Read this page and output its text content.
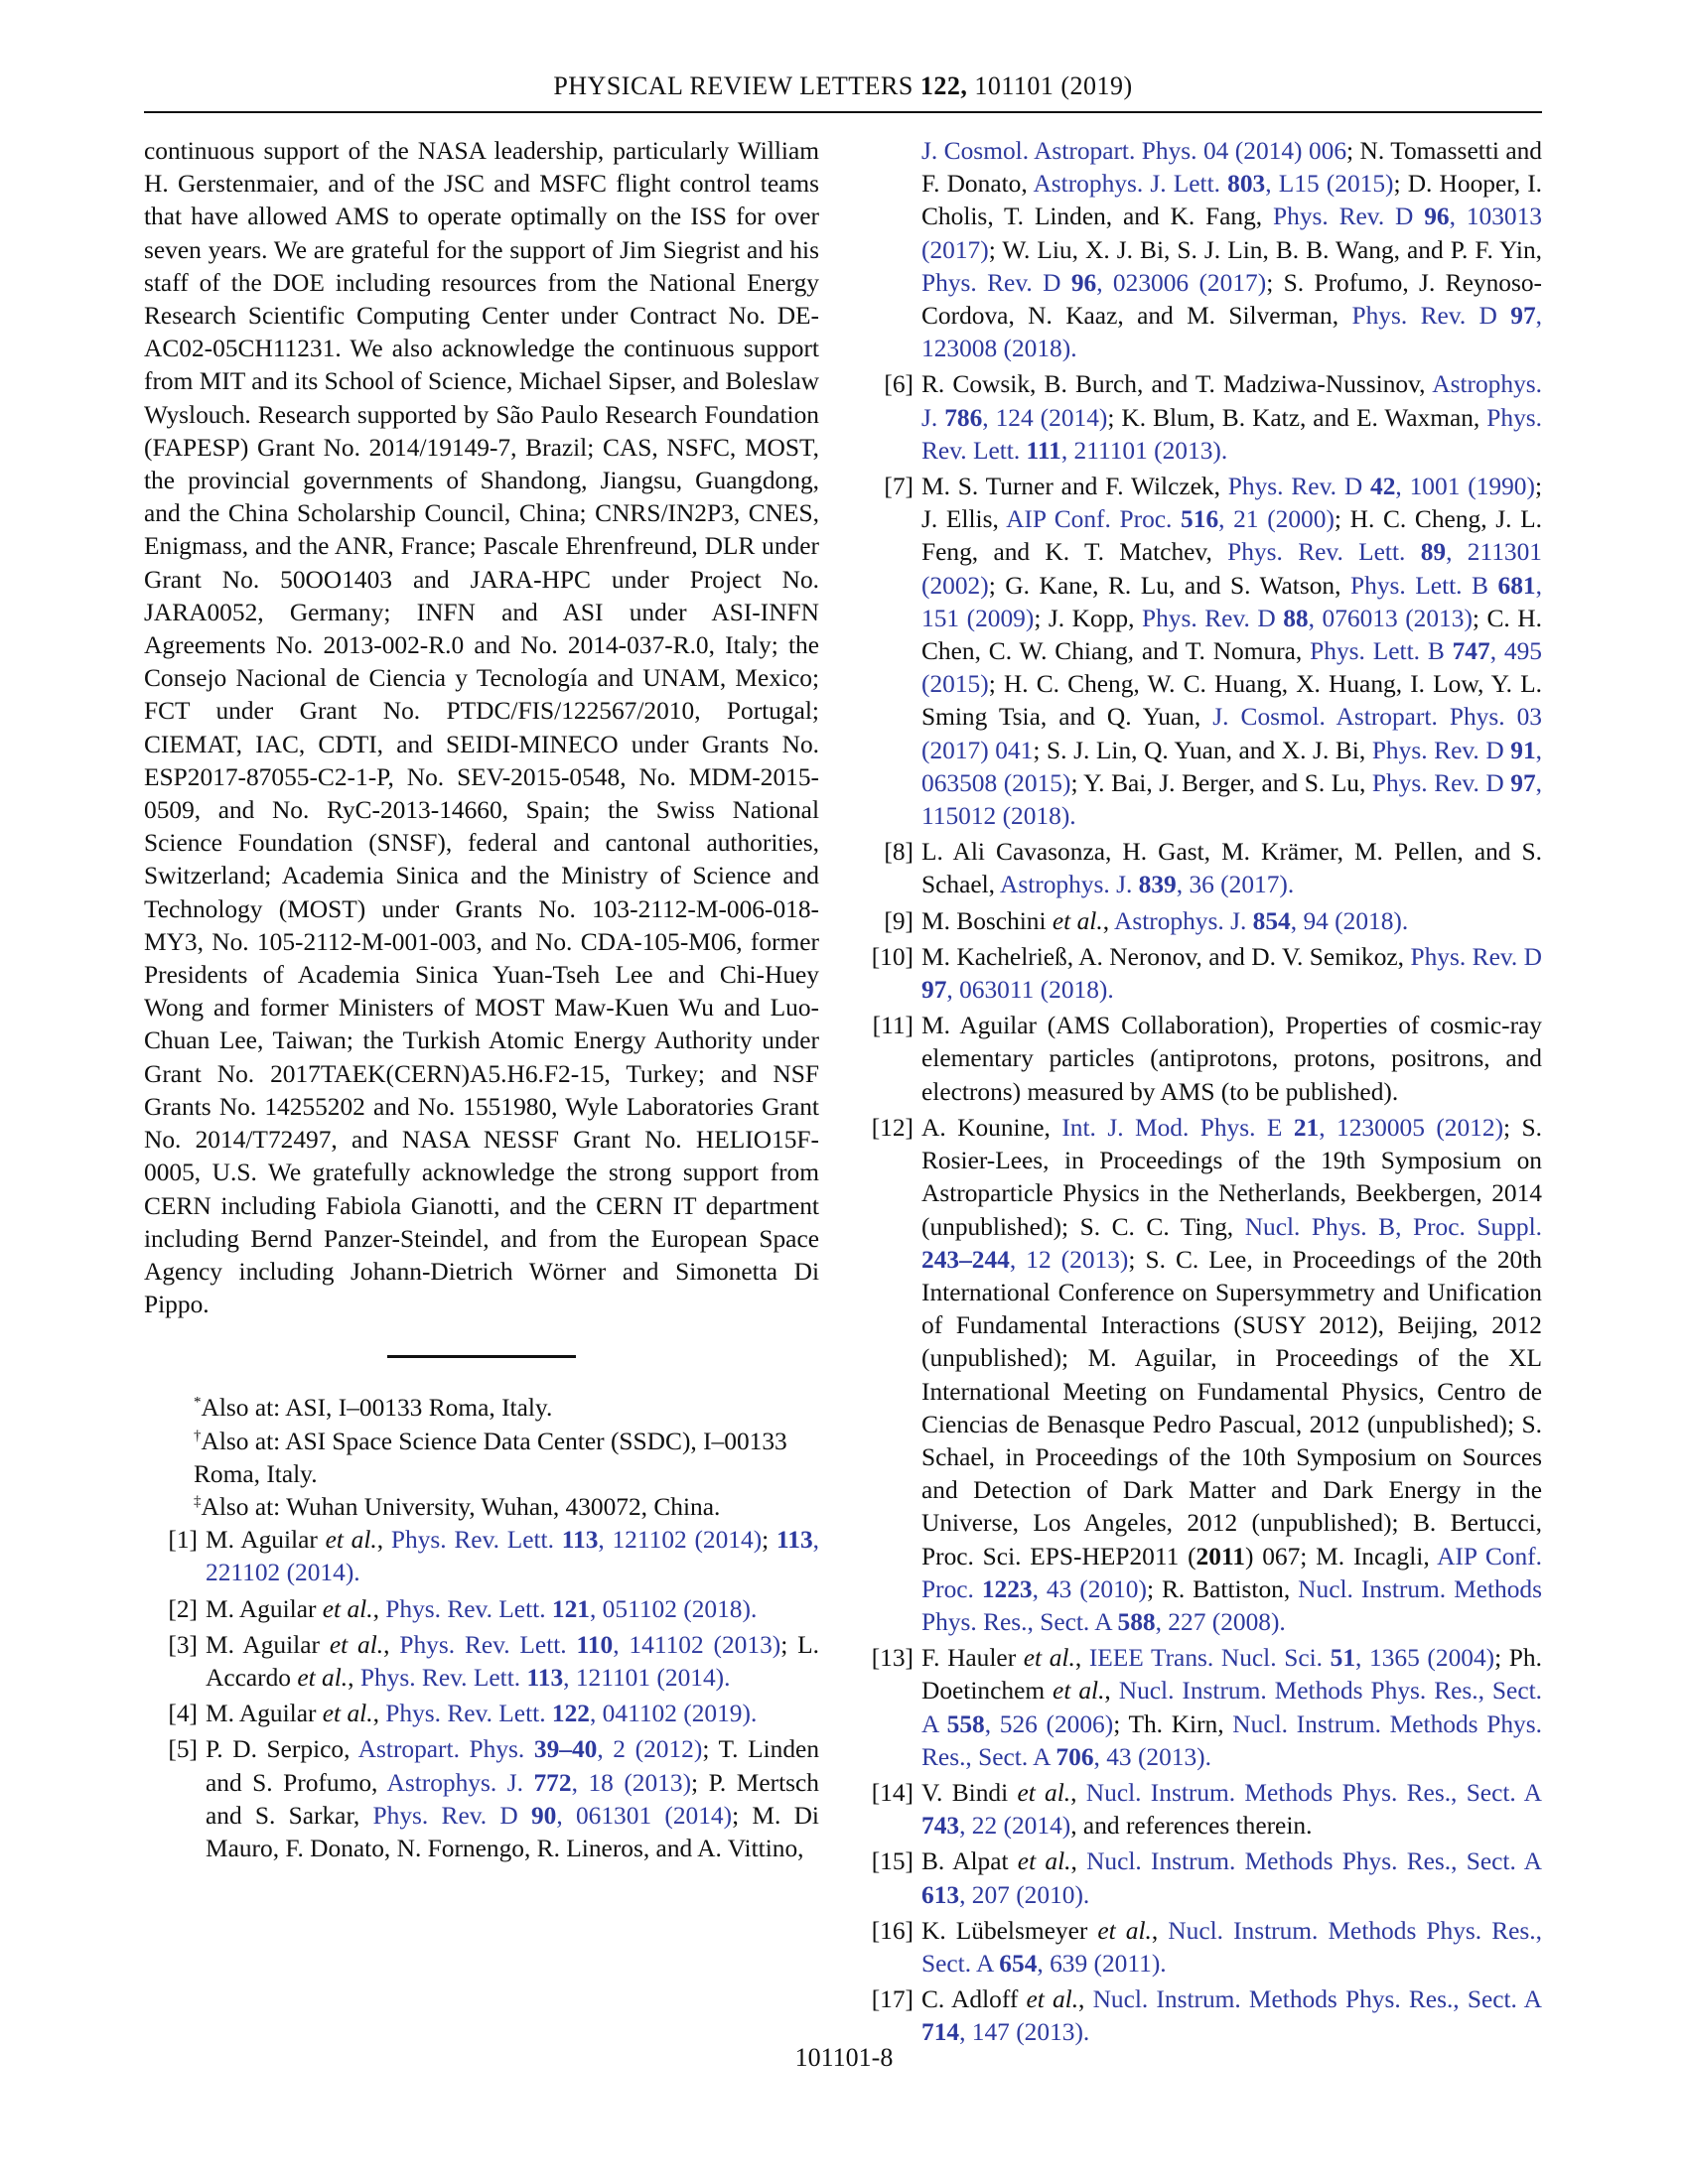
PHYSICAL REVIEW LETTERS 122, 101101 (2019)

continuous support of the NASA leadership, particularly William H. Gerstenmaier, and of the JSC and MSFC flight control teams that have allowed AMS to operate optimally on the ISS for over seven years. We are grateful for the support of Jim Siegrist and his staff of the DOE including resources from the National Energy Research Scientific Computing Center under Contract No. DE-AC02-05CH11231. We also acknowledge the continuous support from MIT and its School of Science, Michael Sipser, and Boleslaw Wyslouch. Research supported by São Paulo Research Foundation (FAPESP) Grant No. 2014/19149-7, Brazil; CAS, NSFC, MOST, the provincial governments of Shandong, Jiangsu, Guangdong, and the China Scholarship Council, China; CNRS/IN2P3, CNES, Enigmass, and the ANR, France; Pascale Ehrenfreund, DLR under Grant No. 50OO1403 and JARA-HPC under Project No. JARA0052, Germany; INFN and ASI under ASI-INFN Agreements No. 2013-002-R.0 and No. 2014-037-R.0, Italy; the Consejo Nacional de Ciencia y Tecnología and UNAM, Mexico; FCT under Grant No. PTDC/FIS/122567/2010, Portugal; CIEMAT, IAC, CDTI, and SEIDI-MINECO under Grants No. ESP2017-87055-C2-1-P, No. SEV-2015-0548, No. MDM-2015-0509, and No. RyC-2013-14660, Spain; the Swiss National Science Foundation (SNSF), federal and cantonal authorities, Switzerland; Academia Sinica and the Ministry of Science and Technology (MOST) under Grants No. 103-2112-M-006-018-MY3, No. 105-2112-M-001-003, and No. CDA-105-M06, former Presidents of Academia Sinica Yuan-Tseh Lee and Chi-Huey Wong and former Ministers of MOST Maw-Kuen Wu and Luo-Chuan Lee, Taiwan; the Turkish Atomic Energy Authority under Grant No. 2017TAEK(CERN)A5.H6.F2-15, Turkey; and NSF Grants No. 14255202 and No. 1551980, Wyle Laboratories Grant No. 2014/T72497, and NASA NESSF Grant No. HELIO15F-0005, U.S. We gratefully acknowledge the strong support from CERN including Fabiola Gianotti, and the CERN IT department including Bernd Panzer-Steindel, and from the European Space Agency including Johann-Dietrich Wörner and Simonetta Di Pippo.

*Also at: ASI, I–00133 Roma, Italy.
†Also at: ASI Space Science Data Center (SSDC), I–00133 Roma, Italy.
‡Also at: Wuhan University, Wuhan, 430072, China.
[1] M. Aguilar et al., Phys. Rev. Lett. 113, 121102 (2014); 113, 221102 (2014).
[2] M. Aguilar et al., Phys. Rev. Lett. 121, 051102 (2018).
[3] M. Aguilar et al., Phys. Rev. Lett. 110, 141102 (2013); L. Accardo et al., Phys. Rev. Lett. 113, 121101 (2014).
[4] M. Aguilar et al., Phys. Rev. Lett. 122, 041102 (2019).
[5] P. D. Serpico, Astropart. Phys. 39–40, 2 (2012); T. Linden and S. Profumo, Astrophys. J. 772, 18 (2013); P. Mertsch and S. Sarkar, Phys. Rev. D 90, 061301 (2014); M. Di Mauro, F. Donato, N. Fornengo, R. Lineros, and A. Vittino,
J. Cosmol. Astropart. Phys. 04 (2014) 006; N. Tomassetti and F. Donato, Astrophys. J. Lett. 803, L15 (2015); D. Hooper, I. Cholis, T. Linden, and K. Fang, Phys. Rev. D 96, 103013 (2017); W. Liu, X. J. Bi, S. J. Lin, B. B. Wang, and P. F. Yin, Phys. Rev. D 96, 023006 (2017); S. Profumo, J. Reynoso-Cordova, N. Kaaz, and M. Silverman, Phys. Rev. D 97, 123008 (2018).
[6] R. Cowsik, B. Burch, and T. Madziwa-Nussinov, Astrophys. J. 786, 124 (2014); K. Blum, B. Katz, and E. Waxman, Phys. Rev. Lett. 111, 211101 (2013).
[7] M. S. Turner and F. Wilczek, Phys. Rev. D 42, 1001 (1990); J. Ellis, AIP Conf. Proc. 516, 21 (2000); H. C. Cheng, J. L. Feng, and K. T. Matchev, Phys. Rev. Lett. 89, 211301 (2002); G. Kane, R. Lu, and S. Watson, Phys. Lett. B 681, 151 (2009); J. Kopp, Phys. Rev. D 88, 076013 (2013); C. H. Chen, C. W. Chiang, and T. Nomura, Phys. Lett. B 747, 495 (2015); H. C. Cheng, W. C. Huang, X. Huang, I. Low, Y. L. Sming Tsia, and Q. Yuan, J. Cosmol. Astropart. Phys. 03 (2017) 041; S. J. Lin, Q. Yuan, and X. J. Bi, Phys. Rev. D 91, 063508 (2015); Y. Bai, J. Berger, and S. Lu, Phys. Rev. D 97, 115012 (2018).
[8] L. Ali Cavasonza, H. Gast, M. Krämer, M. Pellen, and S. Schael, Astrophys. J. 839, 36 (2017).
[9] M. Boschini et al., Astrophys. J. 854, 94 (2018).
[10] M. Kachelrieß, A. Neronov, and D. V. Semikoz, Phys. Rev. D 97, 063011 (2018).
[11] M. Aguilar (AMS Collaboration), Properties of cosmic-ray elementary particles (antiprotons, protons, positrons, and electrons) measured by AMS (to be published).
[12] A. Kounine, Int. J. Mod. Phys. E 21, 1230005 (2012); S. Rosier-Lees, in Proceedings of the 19th Symposium on Astroparticle Physics in the Netherlands, Beekbergen, 2014 (unpublished); S. C. C. Ting, Nucl. Phys. B, Proc. Suppl. 243–244, 12 (2013); S. C. Lee, in Proceedings of the 20th International Conference on Supersymmetry and Unification of Fundamental Interactions (SUSY 2012), Beijing, 2012 (unpublished); M. Aguilar, in Proceedings of the XL International Meeting on Fundamental Physics, Centro de Ciencias de Benasque Pedro Pascual, 2012 (unpublished); S. Schael, in Proceedings of the 10th Symposium on Sources and Detection of Dark Matter and Dark Energy in the Universe, Los Angeles, 2012 (unpublished); B. Bertucci, Proc. Sci. EPS-HEP2011 (2011) 067; M. Incagli, AIP Conf. Proc. 1223, 43 (2010); R. Battiston, Nucl. Instrum. Methods Phys. Res., Sect. A 588, 227 (2008).
[13] F. Hauler et al., IEEE Trans. Nucl. Sci. 51, 1365 (2004); Ph. Doetinchem et al., Nucl. Instrum. Methods Phys. Res., Sect. A 558, 526 (2006); Th. Kirn, Nucl. Instrum. Methods Phys. Res., Sect. A 706, 43 (2013).
[14] V. Bindi et al., Nucl. Instrum. Methods Phys. Res., Sect. A 743, 22 (2014), and references therein.
[15] B. Alpat et al., Nucl. Instrum. Methods Phys. Res., Sect. A 613, 207 (2010).
[16] K. Lübelsmeyer et al., Nucl. Instrum. Methods Phys. Res., Sect. A 654, 639 (2011).
[17] C. Adloff et al., Nucl. Instrum. Methods Phys. Res., Sect. A 714, 147 (2013).
101101-8
